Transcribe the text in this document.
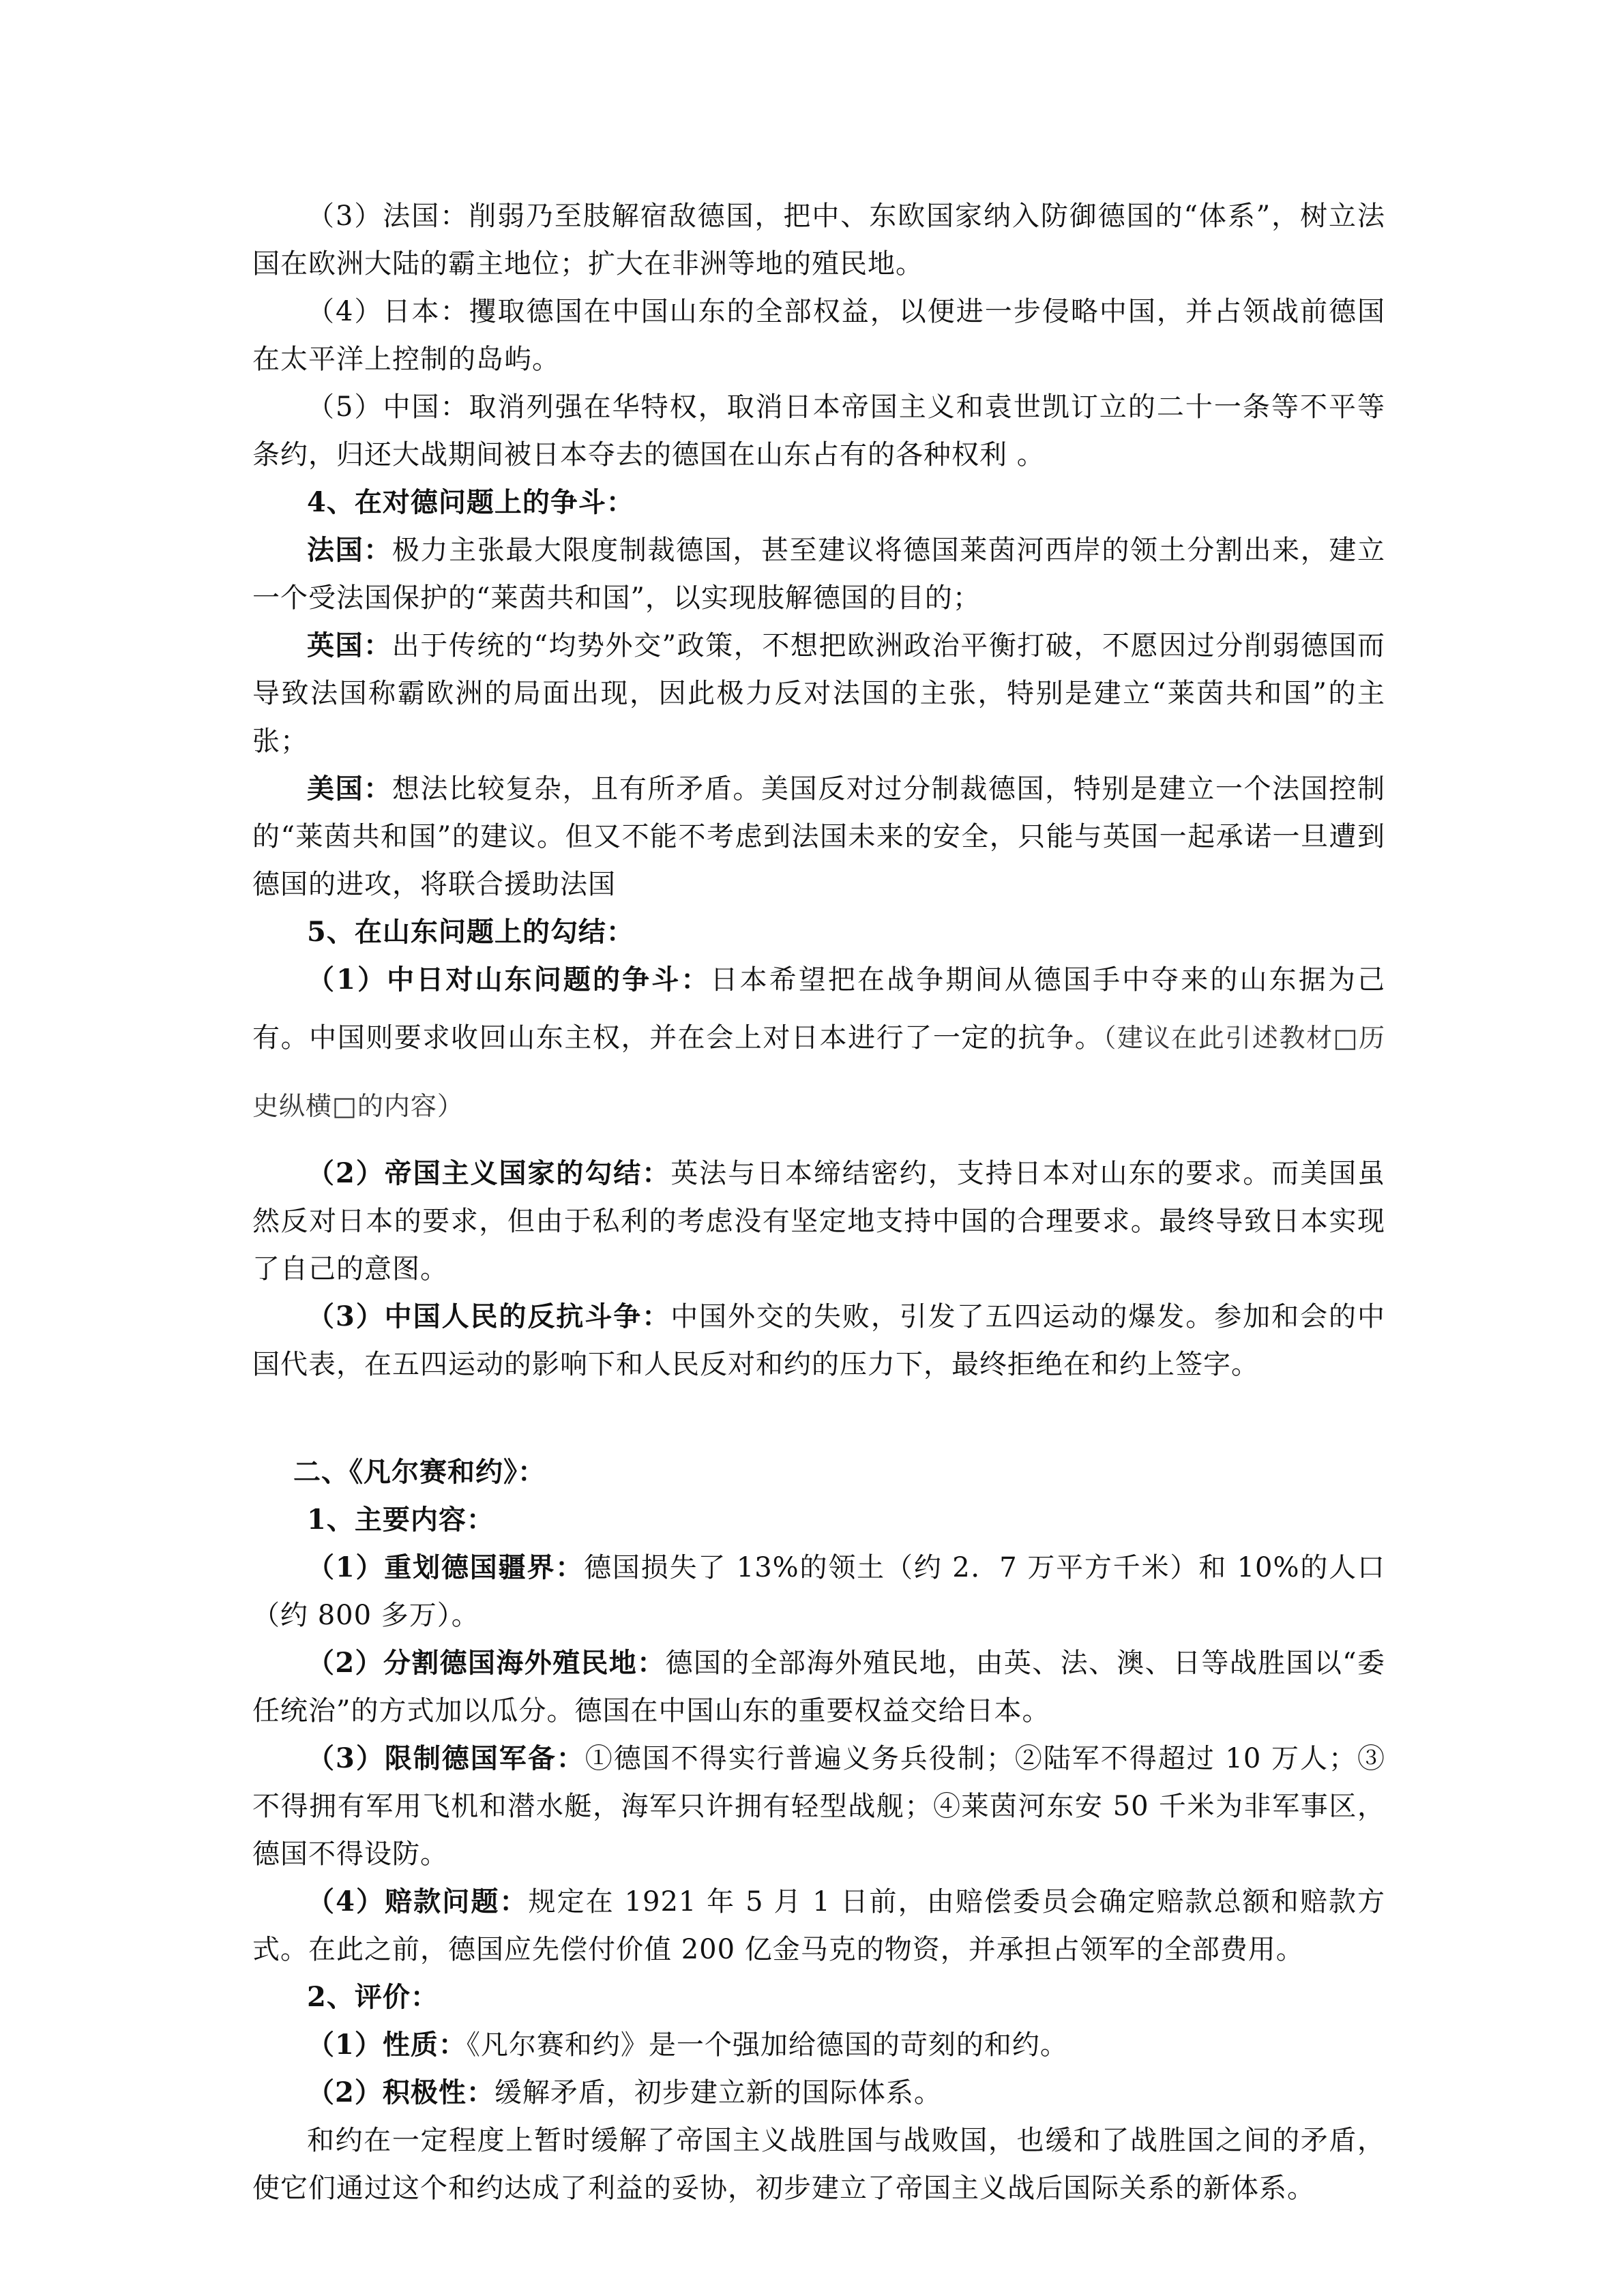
（3）法国：削弱乃至肢解宿敌德国，把中、东欧国家纳入防御德国的“体系”，树立法国在欧洲大陆的霸主地位；扩大在非洲等地的殖民地。

（4）日本：攫取德国在中国山东的全部权益，以便进一步侵略中国，并占领战前德国在太平洋上控制的岛屿。

（5）中国：取消列强在华特权，取消日本帝国主义和袁世凯订立的二十一条等不平等条约，归还大战期间被日本夺去的德国在山东占有的各种权利 。

4、在对德问题上的争斗：

法国：极力主张最大限度制裁德国，甚至建议将德国莱茵河西岸的领土分割出来，建立一个受法国保护的“莱茵共和国”，以实现肢解德国的目的；

英国：出于传统的“均势外交”政策，不想把欧洲政治平衡打破，不愿因过分削弱德国而导致法国称霸欧洲的局面出现，因此极力反对法国的主张，特别是建立“莱茵共和国”的主张；

美国：想法比较复杂，且有所矛盾。美国反对过分制裁德国，特别是建立一个法国控制的“莱茵共和国”的建议。但又不能不考虑到法国未来的安全，只能与英国一起承诺一旦遭到德国的进攻，将联合援助法国

5、在山东问题上的勾结：

（1）中日对山东问题的争斗：日本希望把在战争期间从德国手中夺来的山东据为己有。中国则要求收回山东主权，并在会上对日本进行了一定的抗争。（建议在此引述教材□历史纵横□的内容）

（2）帝国主义国家的勾结：英法与日本缔结密约，支持日本对山东的要求。而美国虽然反对日本的要求，但由于私利的考虑没有坚定地支持中国的合理要求。最终导致日本实现了自己的意图。

（3）中国人民的反抗斗争：中国外交的失败，引发了五四运动的爆发。参加和会的中国代表，在五四运动的影响下和人民反对和约的压力下，最终拒绝在和约上签字。

二、《凡尔赛和约》：

1、主要内容：

（1）重划德国疆界：德国损失了 13%的领土（约 2．7 万平方千米）和 10%的人口（约 800 多万）。

（2）分割德国海外殖民地：德国的全部海外殖民地，由英、法、澳、日等战胜国以“委任统治”的方式加以瓜分。德国在中国山东的重要权益交给日本。

（3）限制德国军备：①德国不得实行普遍义务兵役制；②陆军不得超过 10 万人；③不得拥有军用飞机和潜水艇，海军只许拥有轻型战舰；④莱茵河东安 50 千米为非军事区，德国不得设防。

（4）赔款问题：规定在 1921 年 5 月 1 日前，由赔偿委员会确定赔款总额和赔款方式。在此之前，德国应先偿付价值 200 亿金马克的物资，并承担占领军的全部费用。

2、评价：

（1）性质：《凡尔赛和约》是一个强加给德国的苛刻的和约。

（2）积极性：缓解矛盾，初步建立新的国际体系。

和约在一定程度上暂时缓解了帝国主义战胜国与战败国，也缓和了战胜国之间的矛盾，使它们通过这个和约达成了利益的妥协，初步建立了帝国主义战后国际关系的新体系。
